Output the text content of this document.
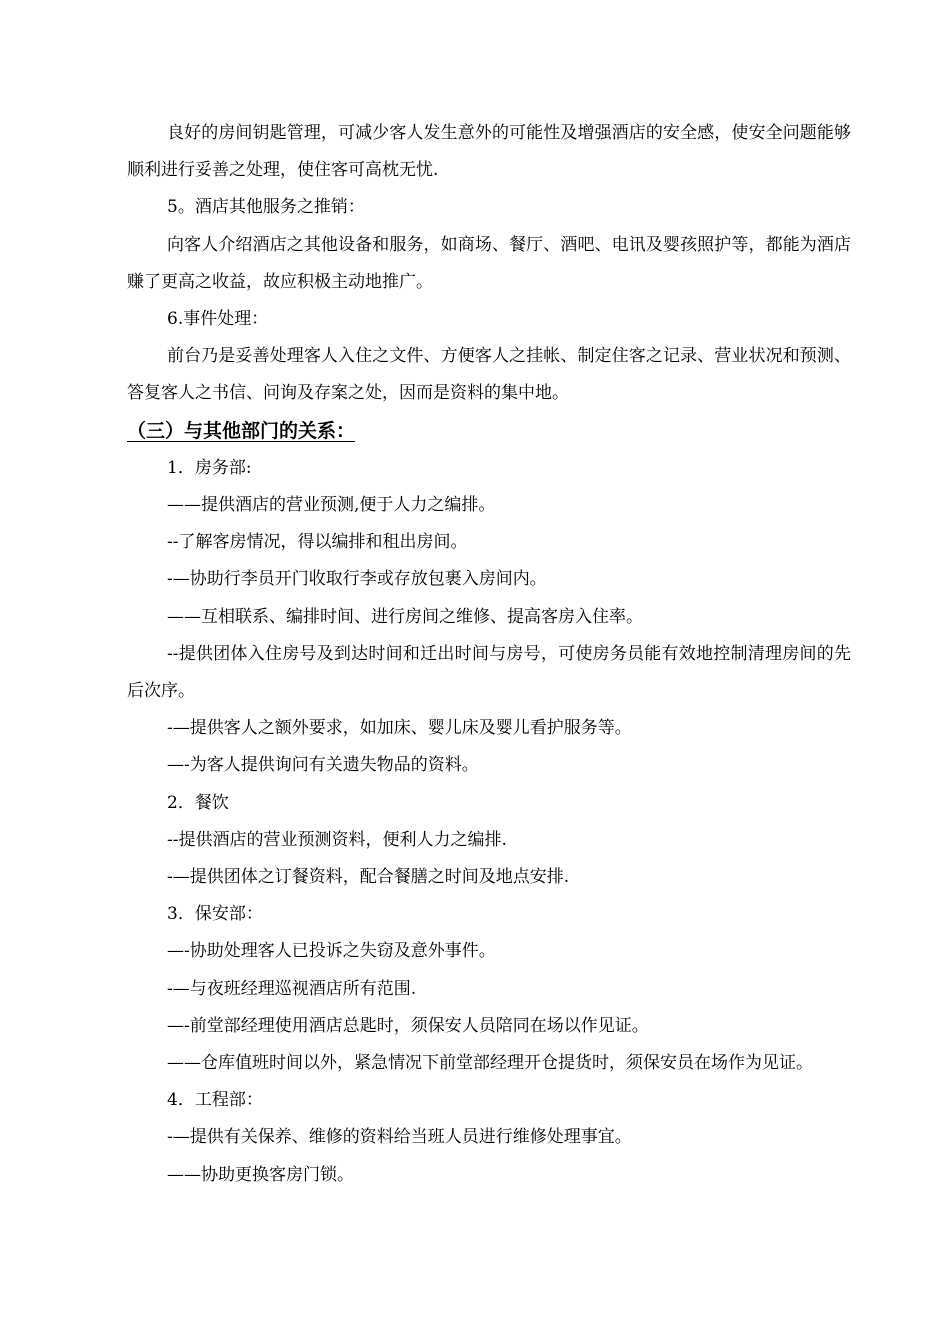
良好的房间钥匙管理，可减少客人发生意外的可能性及增强酒店的安全感，使安全问题能够顺利进行妥善之处理，使住客可高枕无忧.

5。酒店其他服务之推销：

向客人介绍酒店之其他设备和服务，如商场、餐厅、酒吧、电讯及婴孩照护等，都能为酒店赚了更高之收益，故应积极主动地推广。

6.事件处理：

前台乃是妥善处理客人入住之文件、方便客人之挂帐、制定住客之记录、营业状况和预测、答复客人之书信、问询及存案之处，因而是资料的集中地。

（三）与其他部门的关系：

1．房务部:

——提供酒店的营业预测,便于人力之编排。

--了解客房情况，得以编排和租出房间。

-—协助行李员开门收取行李或存放包裹入房间内。

——互相联系、编排时间、进行房间之维修、提高客房入住率。

--提供团体入住房号及到达时间和迁出时间与房号，可使房务员能有效地控制清理房间的先后次序。

-—提供客人之额外要求，如加床、婴儿床及婴儿看护服务等。

—-为客人提供询问有关遗失物品的资料。

2．餐饮

--提供酒店的营业预测资料，便利人力之编排.

-—提供团体之订餐资料，配合餐膳之时间及地点安排.

3．保安部：

—-协助处理客人已投诉之失窃及意外事件。

-—与夜班经理巡视酒店所有范围.

—-前堂部经理使用酒店总匙时，须保安人员陪同在场以作见证。

——仓库值班时间以外，紧急情况下前堂部经理开仓提货时，须保安员在场作为见证。

4．工程部：

-—提供有关保养、维修的资料给当班人员进行维修处理事宜。

——协助更换客房门锁。
